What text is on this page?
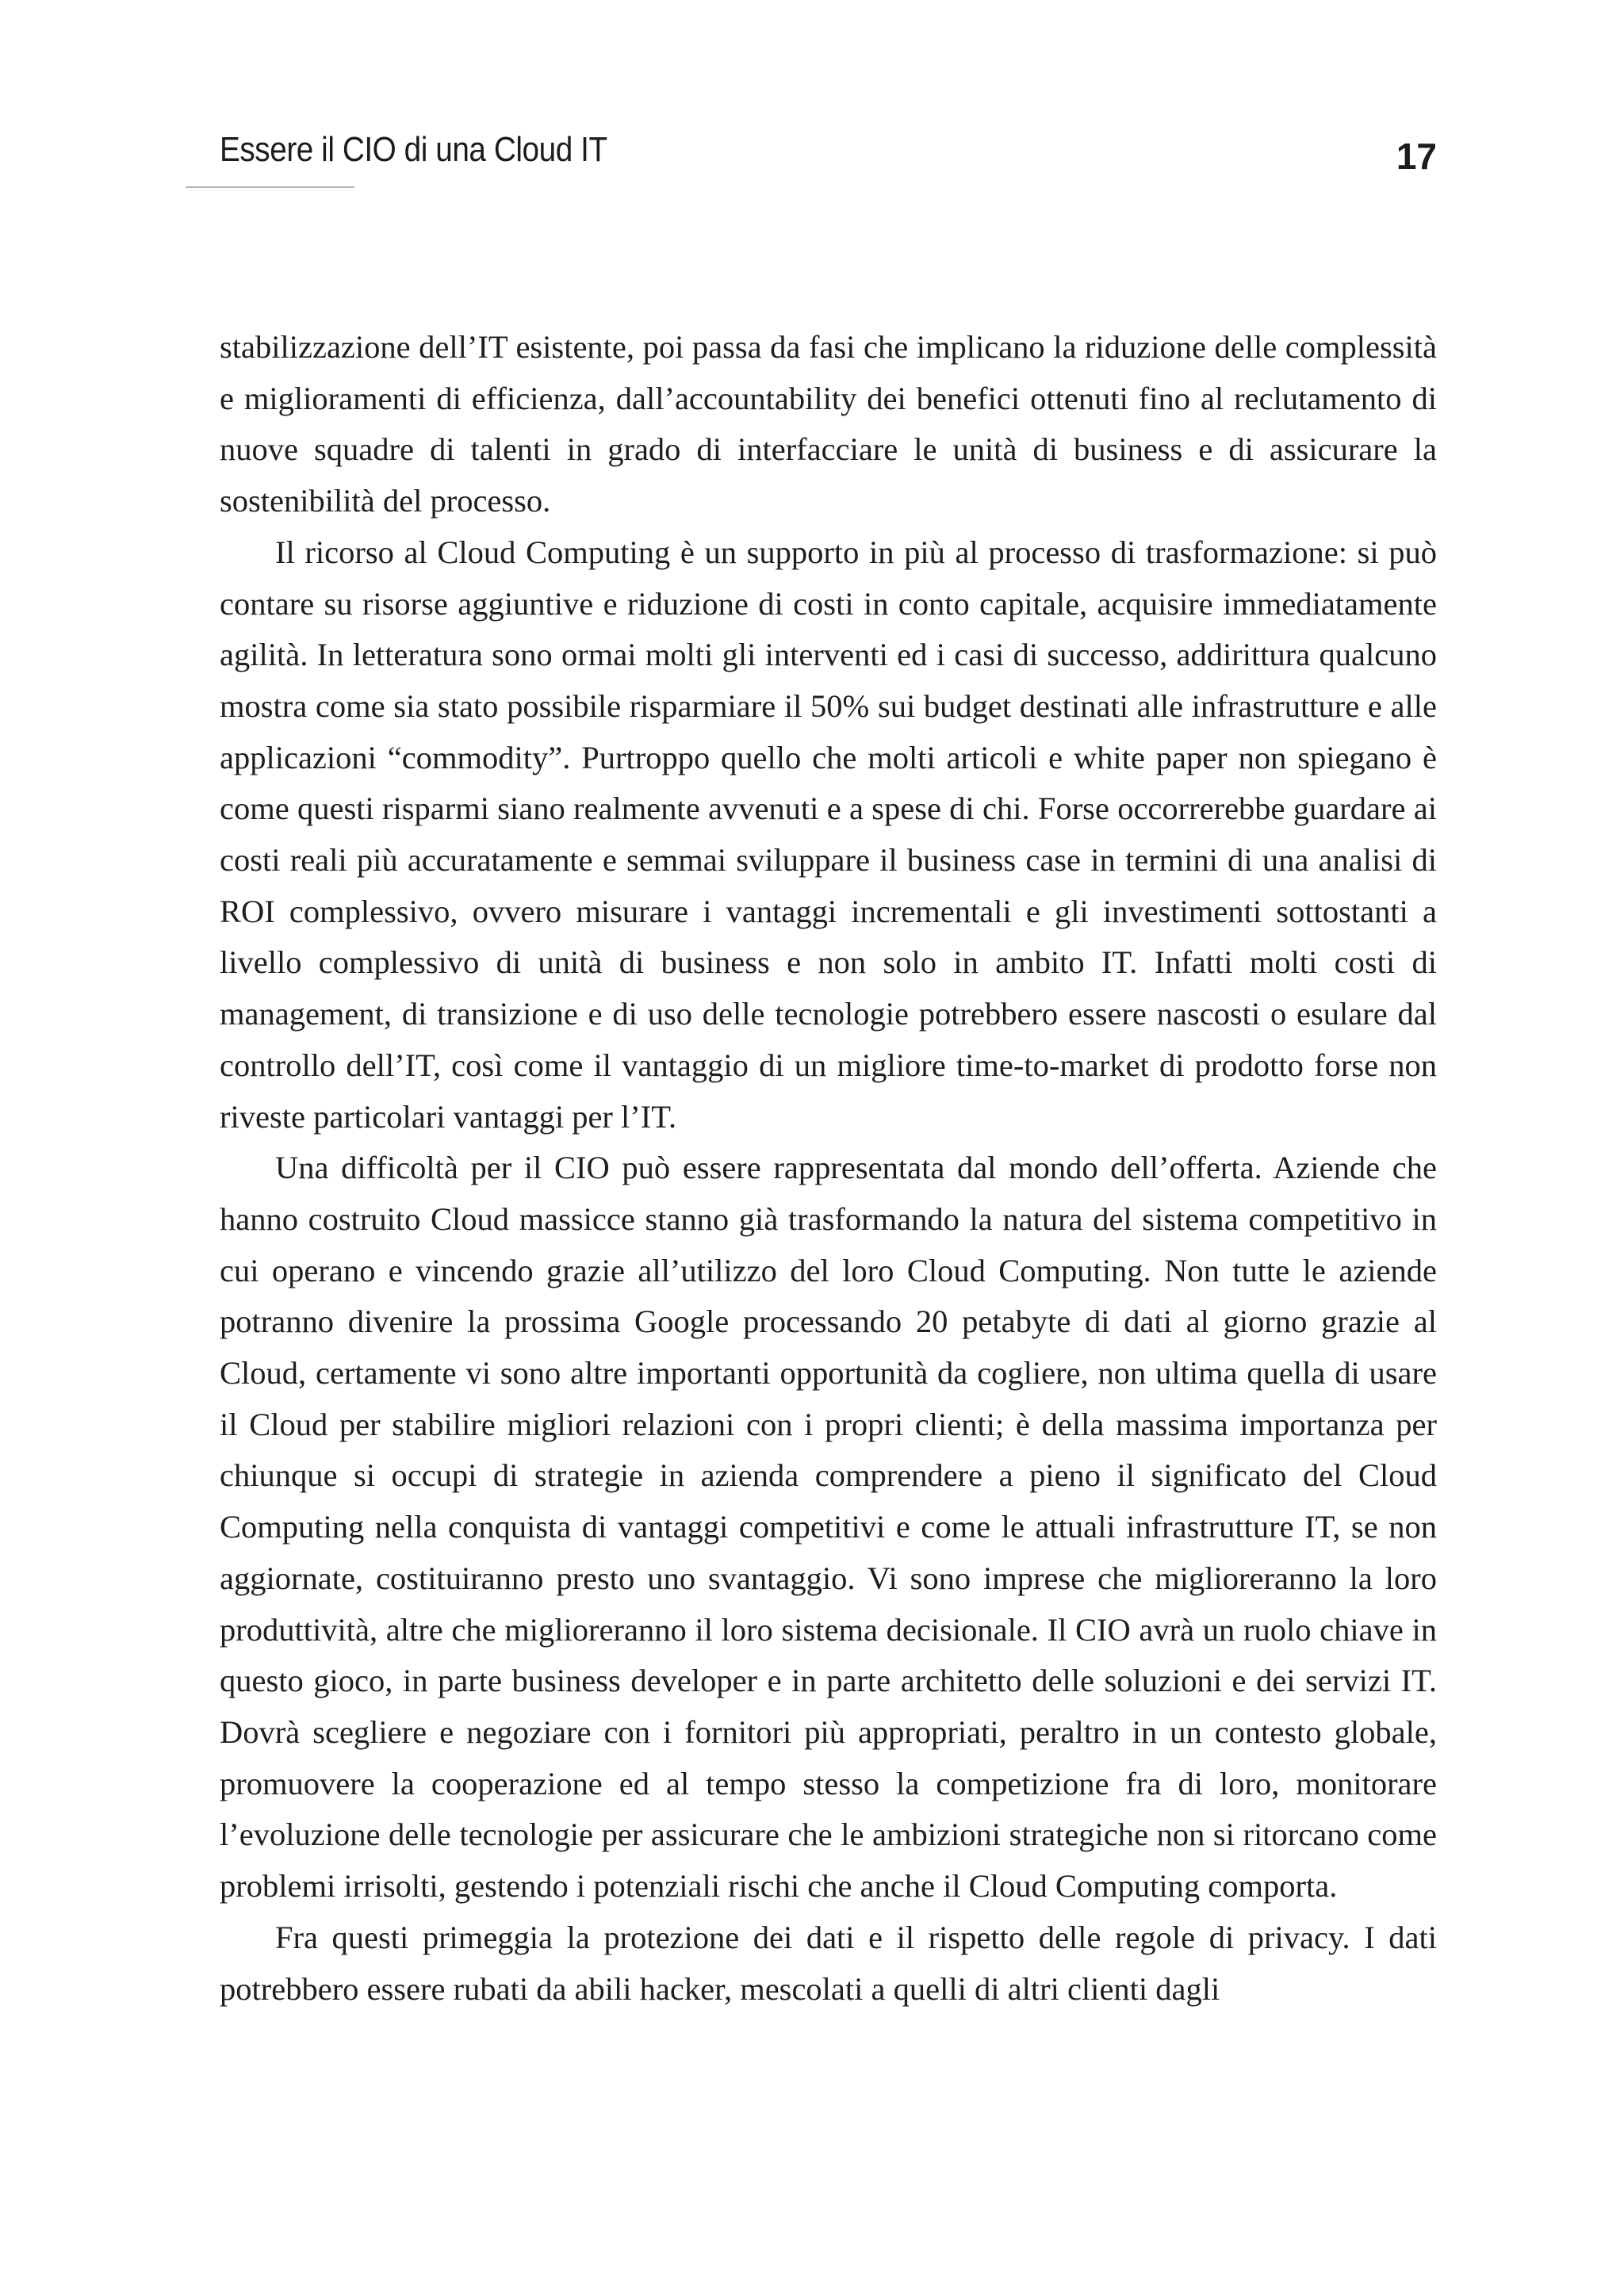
Essere il CIO di una Cloud IT	17

stabilizzazione dell’IT esistente, poi passa da fasi che implicano la riduzione delle complessità e miglioramenti di efficienza, dall’accountability dei benefici ottenuti fino al reclutamento di nuove squadre di talenti in grado di interfacciare le unità di business e di assicurare la sostenibilità del processo.

Il ricorso al Cloud Computing è un supporto in più al processo di trasformazione: si può contare su risorse aggiuntive e riduzione di costi in conto capitale, acquisire immediatamente agilità. In letteratura sono ormai molti gli interventi ed i casi di successo, addirittura qualcuno mostra come sia stato possibile risparmiare il 50% sui budget destinati alle infrastrutture e alle applicazioni “commodity”. Purtroppo quello che molti articoli e white paper non spiegano è come questi risparmi siano realmente avvenuti e a spese di chi. Forse occorrerebbe guardare ai costi reali più accuratamente e semmai sviluppare il business case in termini di una analisi di ROI complessivo, ovvero misurare i vantaggi incrementali e gli investimenti sottostanti a livello complessivo di unità di business e non solo in ambito IT. Infatti molti costi di management, di transizione e di uso delle tecnologie potrebbero essere nascosti o esulare dal controllo dell’IT, così come il vantaggio di un migliore time-to-market di prodotto forse non riveste particolari vantaggi per l’IT.

Una difficoltà per il CIO può essere rappresentata dal mondo dell’offerta. Aziende che hanno costruito Cloud massicce stanno già trasformando la natura del sistema competitivo in cui operano e vincendo grazie all’utilizzo del loro Cloud Computing. Non tutte le aziende potranno divenire la prossima Google processando 20 petabyte di dati al giorno grazie al Cloud, certamente vi sono altre importanti opportunità da cogliere, non ultima quella di usare il Cloud per stabilire migliori relazioni con i propri clienti; è della massima importanza per chiunque si occupi di strategie in azienda comprendere a pieno il significato del Cloud Computing nella conquista di vantaggi competitivi e come le attuali infrastrutture IT, se non aggiornate, costituiranno presto uno svantaggio. Vi sono imprese che miglioreranno la loro produttività, altre che miglioreranno il loro sistema decisionale. Il CIO avrà un ruolo chiave in questo gioco, in parte business developer e in parte architetto delle soluzioni e dei servizi IT. Dovrà scegliere e negoziare con i fornitori più appropriati, peraltro in un contesto globale, promuovere la cooperazione ed al tempo stesso la competizione fra di loro, monitorare l’evoluzione delle tecnologie per assicurare che le ambizioni strategiche non si ritorcano come problemi irrisolti, gestendo i potenziali rischi che anche il Cloud Computing comporta.

Fra questi primeggia la protezione dei dati e il rispetto delle regole di privacy. I dati potrebbero essere rubati da abili hacker, mescolati a quelli di altri clienti dagli
